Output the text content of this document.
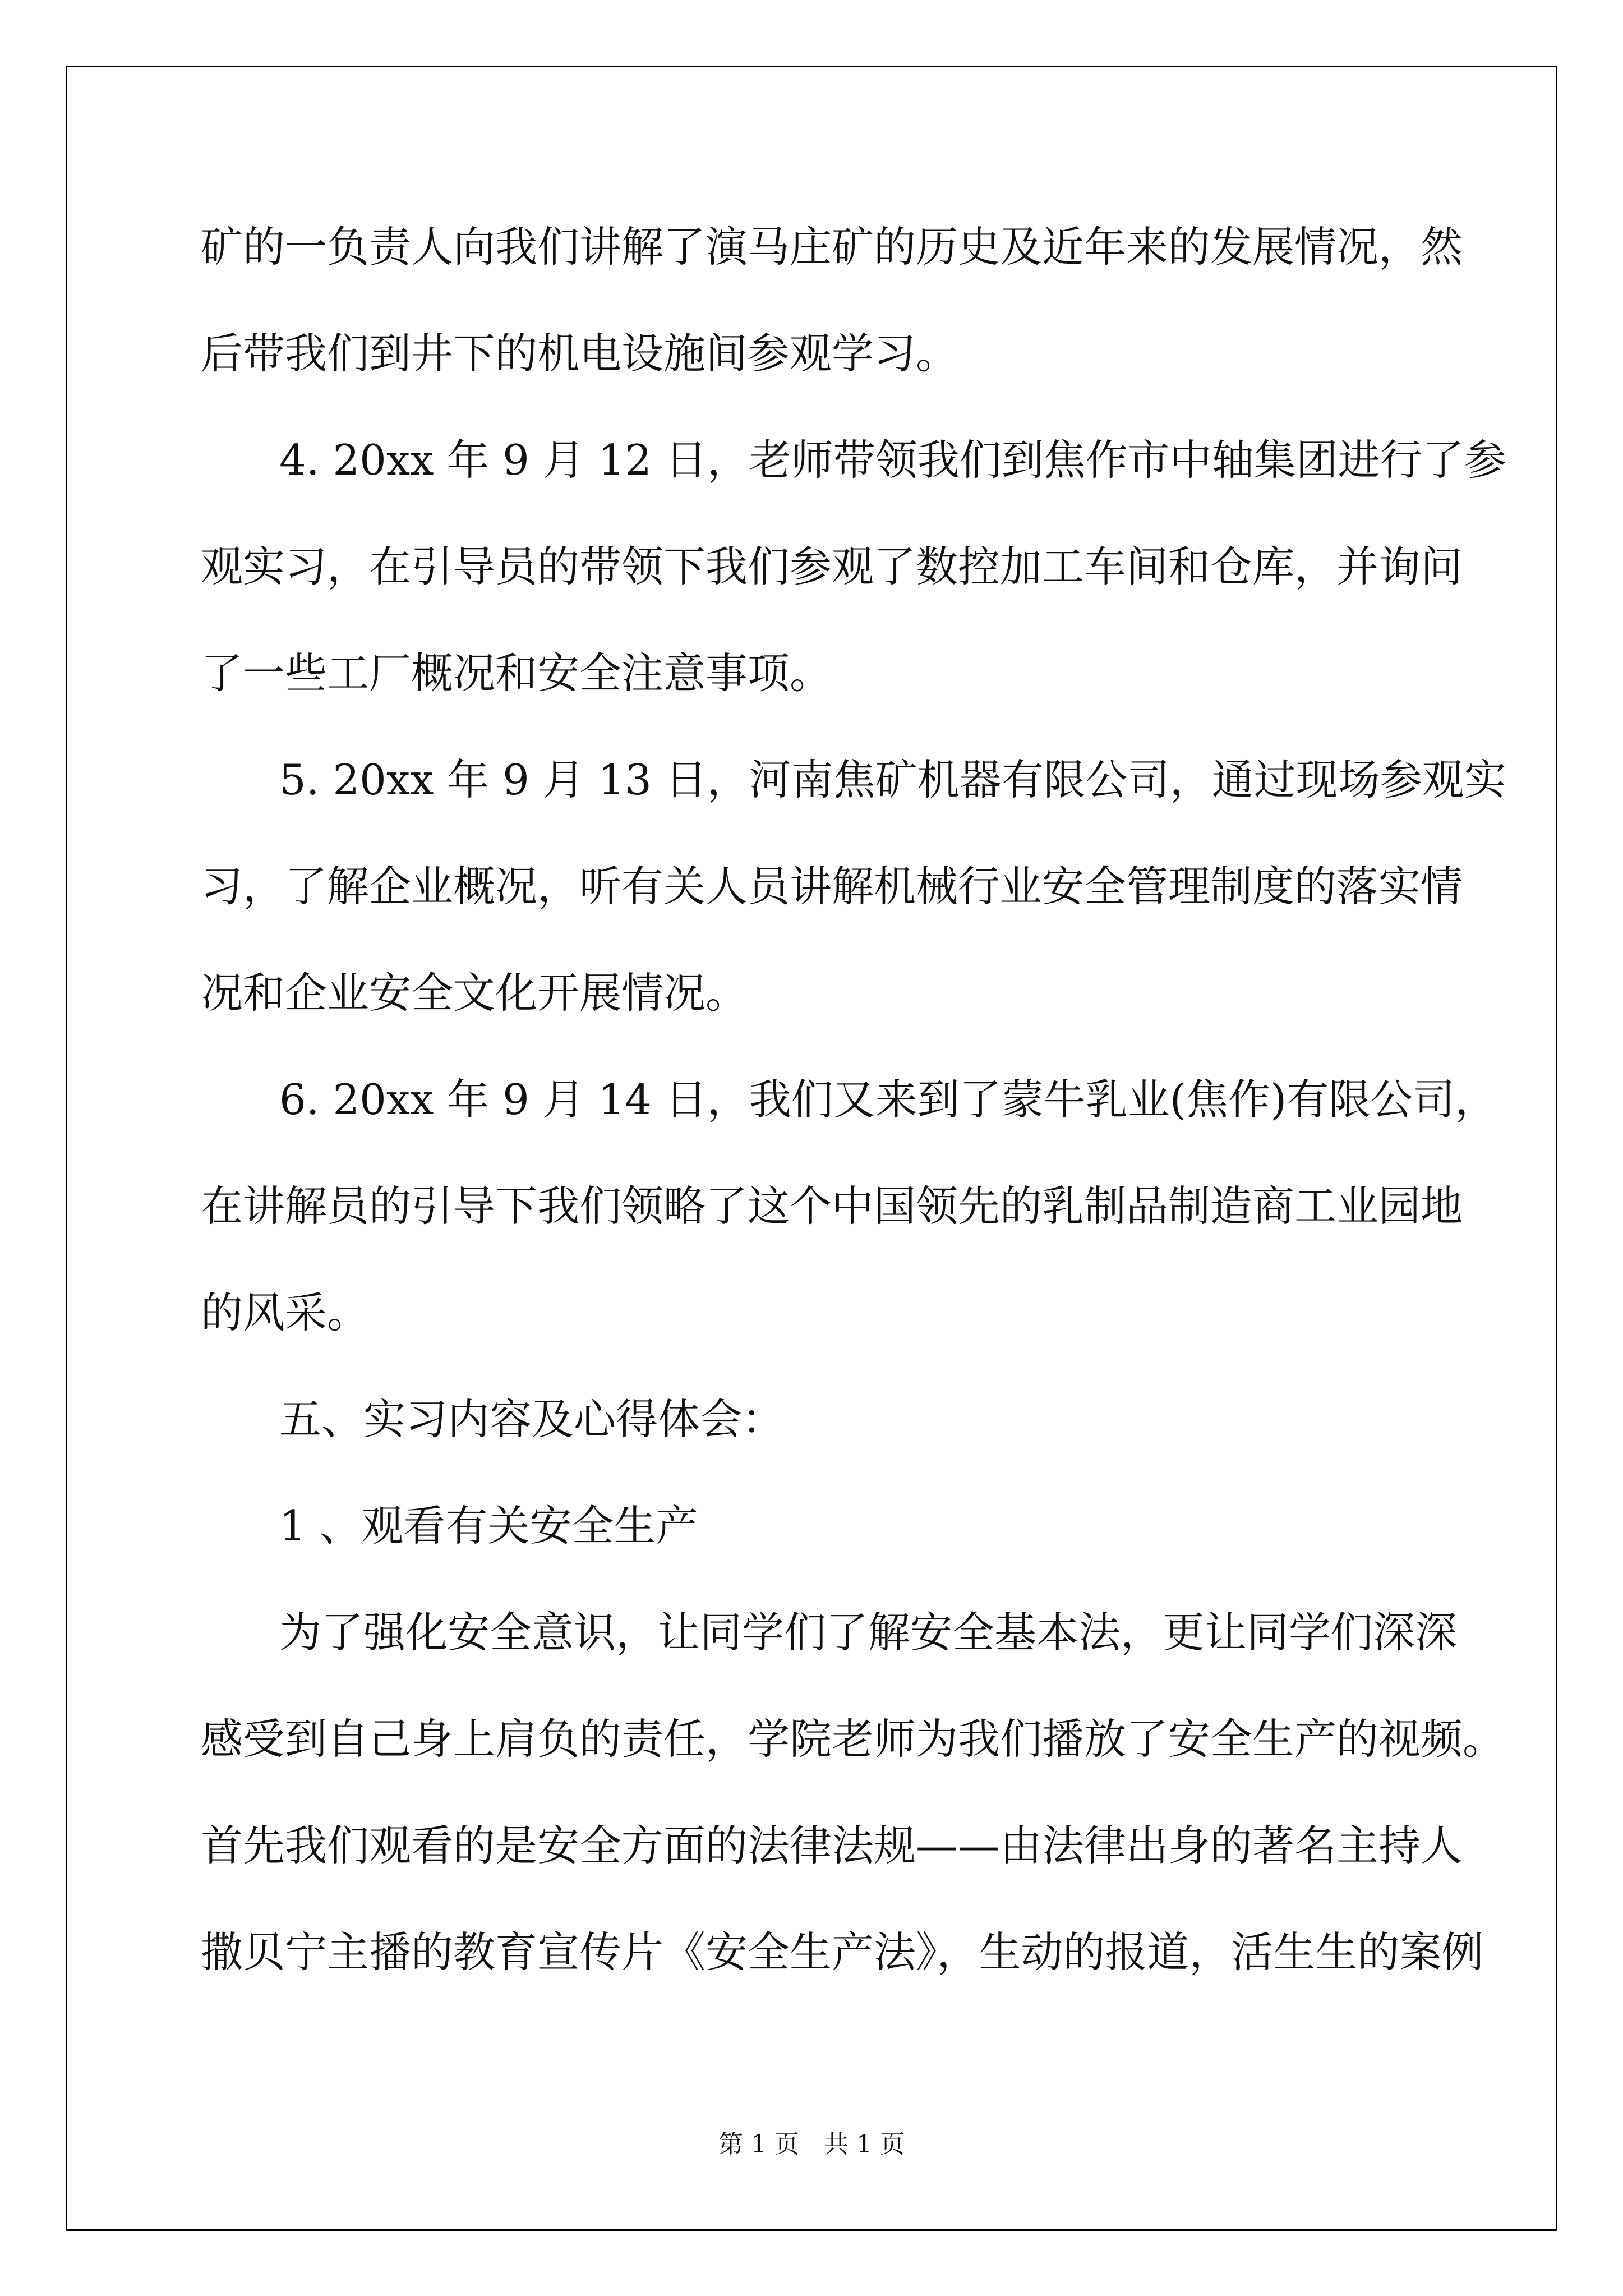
矿的一负责人向我们讲解了演马庄矿的历史及近年来的发展情况，然
后带我们到井下的机电设施间参观学习。
4. 20xx 年 9 月 12 日，老师带领我们到焦作市中轴集团进行了参
观实习，在引导员的带领下我们参观了数控加工车间和仓库，并询问
了一些工厂概况和安全注意事项。
5. 20xx 年 9 月 13 日，河南焦矿机器有限公司，通过现场参观实
习，了解企业概况，听有关人员讲解机械行业安全管理制度的落实情
况和企业安全文化开展情况。
6. 20xx 年 9 月 14 日，我们又来到了蒙牛乳业(焦作)有限公司，
在讲解员的引导下我们领略了这个中国领先的乳制品制造商工业园地
的风采。
五、实习内容及心得体会：
1 、观看有关安全生产
为了强化安全意识，让同学们了解安全基本法，更让同学们深深
感受到自己身上肩负的责任，学院老师为我们播放了安全生产的视频。
首先我们观看的是安全方面的法律法规——由法律出身的著名主持人
撒贝宁主播的教育宣传片《安全生产法》，生动的报道，活生生的案例
第 1 页　共 1 页
